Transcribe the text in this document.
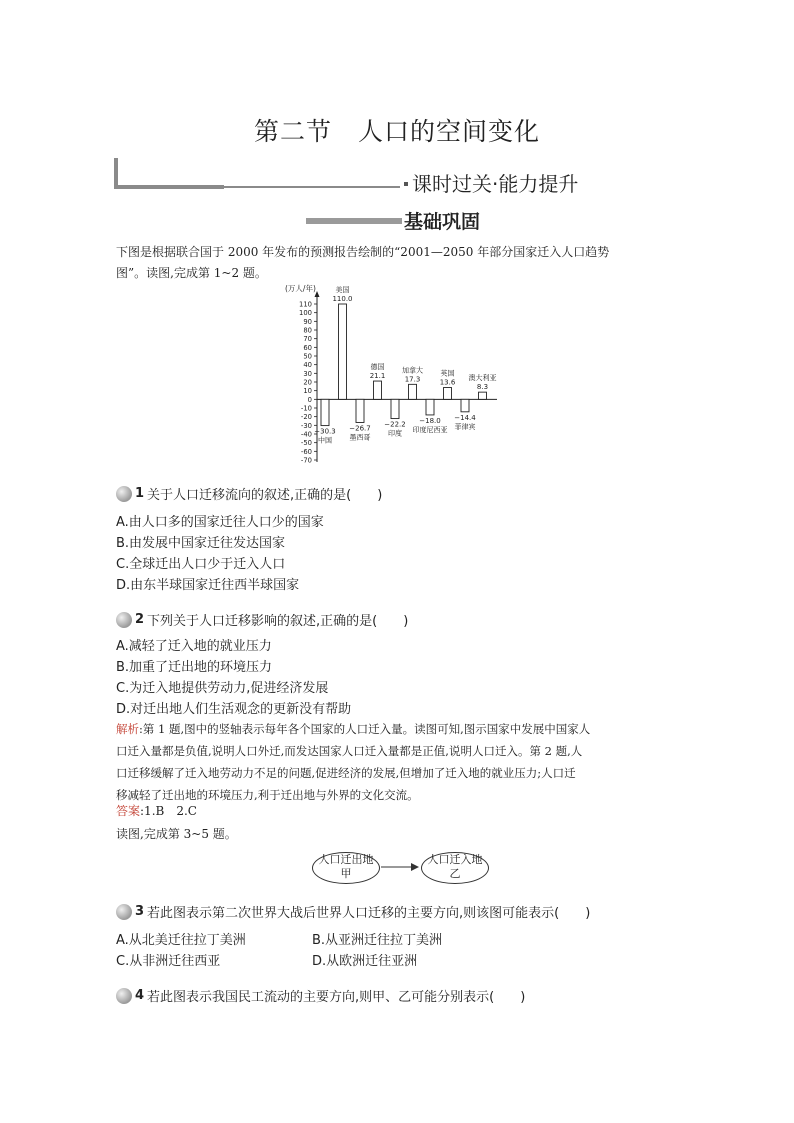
第二节　人口的空间变化
课时过关·能力提升
基础巩固
下图是根据联合国于 2000 年发布的预测报告绘制的“2001—2050 年部分国家迁入人口趋势
图”。读图,完成第 1~2 题。
(万人/年)
110
100
90
80
70
60
50
40
30
20
10
0
-10
-20
-30
-40
-50
-60
-70
−30.3
中国
110.0
美国
−26.7
墨西哥
21.1
德国
−22.2
印度
17.3
加拿大
−18.0
印度尼西亚
13.6
英国
−14.4
菲律宾
8.3
澳大利亚
1 关于人口迁移流向的叙述,正确的是(　　)
A.由人口多的国家迁往人口少的国家
B.由发展中国家迁往发达国家
C.全球迁出人口少于迁入人口
D.由东半球国家迁往西半球国家
2 下列关于人口迁移影响的叙述,正确的是(　　)
A.减轻了迁入地的就业压力
B.加重了迁出地的环境压力
C.为迁入地提供劳动力,促进经济发展
D.对迁出地人们生活观念的更新没有帮助
解析:第 1 题,图中的竖轴表示每年各个国家的人口迁入量。读图可知,图示国家中发展中国家人
口迁入量都是负值,说明人口外迁,而发达国家人口迁入量都是正值,说明人口迁入。第 2 题,人
口迁移缓解了迁入地劳动力不足的问题,促进经济的发展,但增加了迁入地的就业压力;人口迁
移减轻了迁出地的环境压力,利于迁出地与外界的文化交流。
答案:1.B　2.C
读图,完成第 3~5 题。
人口迁出地
甲
人口迁入地
乙
3 若此图表示第二次世界大战后世界人口迁移的主要方向,则该图可能表示(　　)
A.从北美迁往拉丁美洲	B.从亚洲迁往拉丁美洲
C.从非洲迁往西亚	D.从欧洲迁往亚洲
4 若此图表示我国民工流动的主要方向,则甲、乙可能分别表示(　　)
